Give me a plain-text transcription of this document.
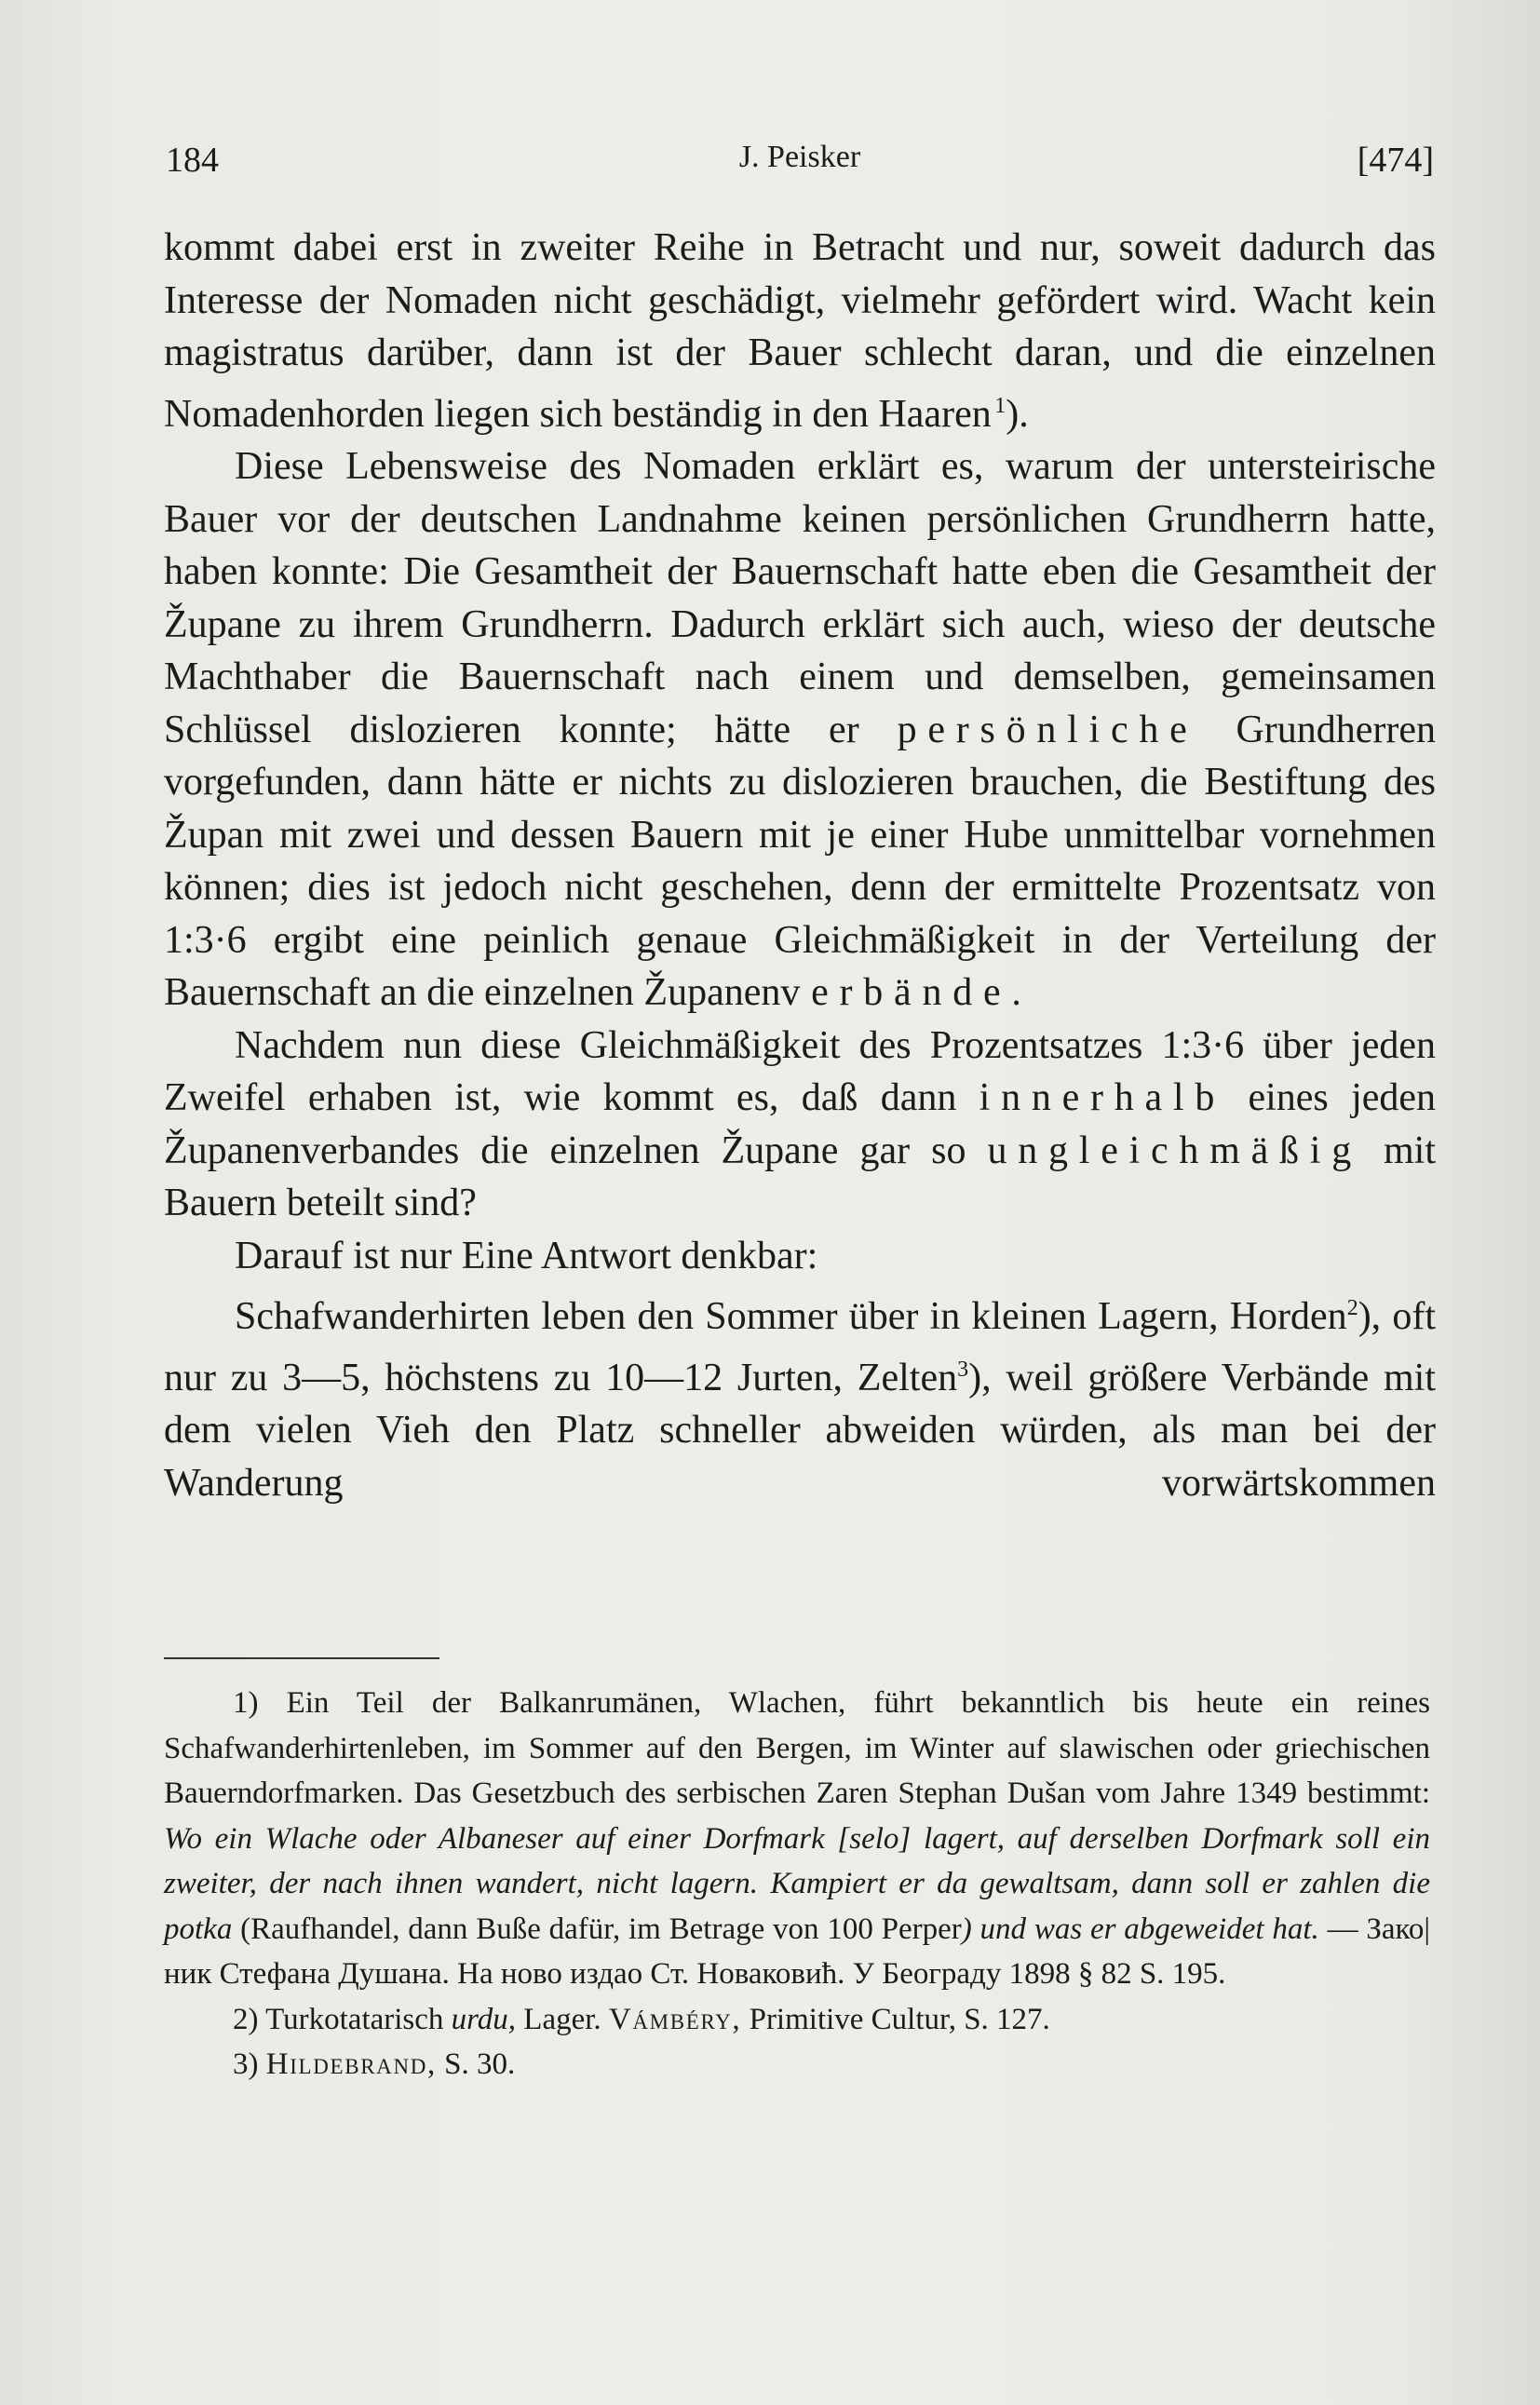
184	J. Peisker	[474]

kommt dabei erst in zweiter Reihe in Betracht und nur, soweit dadurch das Interesse der Nomaden nicht geschädigt, vielmehr gefördert wird. Wacht kein magistratus darüber, dann ist der Bauer schlecht daran, und die einzelnen Nomadenhorden liegen sich beständig in den Haaren  $^1$).

Diese Lebensweise des Nomaden erklärt es, warum der untersteirische Bauer vor der deutschen Landnahme keinen persönlichen Grundherrn hatte, haben konnte: Die Gesamtheit der Bauernschaft hatte eben die Gesamtheit der Župane zu ihrem Grundherrn. Dadurch erklärt sich auch, wieso der deutsche Machthaber die Bauernschaft nach einem und demselben, gemeinsamen Schlüssel dislozieren konnte; hätte er persönliche Grundherren vorgefunden, dann hätte er nichts zu dislozieren brauchen, die Bestiftung des Župan mit zwei und dessen Bauern mit je einer Hube unmittelbar vornehmen können; dies ist jedoch nicht geschehen, denn der ermittelte Prozentsatz von 1:3·6 ergibt eine peinlich genaue Gleichmäßigkeit in der Verteilung der Bauernschaft an die einzelnen Županenverbände.

Nachdem nun diese Gleichmäßigkeit des Prozentsatzes 1:3·6 über jeden Zweifel erhaben ist, wie kommt es, daß dann innerhalb eines jeden Županenverbandes die einzelnen Župane gar so ungleichmäßig mit Bauern beteilt sind?

Darauf ist nur Eine Antwort denkbar:

Schafwanderhirten leben den Sommer über in kleinen Lagern, Horden$^2$), oft nur zu 3—5, höchstens zu 10—12 Jurten, Zelten$^3$), weil größere Verbände mit dem vielen Vieh den Platz schneller abweiden würden, als man bei der Wanderung vorwärtskommen

1) Ein Teil der Balkanrumänen, Wlachen, führt bekanntlich bis heute ein reines Schafwanderhirtenleben, im Sommer auf den Bergen, im Winter auf slawischen oder griechischen Bauerndorfmarken. Das Gesetzbuch des serbischen Zaren Stephan Dušan vom Jahre 1349 bestimmt: Wo ein Wlache oder Albaneser auf einer Dorfmark [selo] lagert, auf derselben Dorfmark soll ein zweiter, der nach ihnen wandert, nicht lagern. Kampiert er da gewaltsam, dann soll er zahlen die potka (Raufhandel, dann Buße dafür, im Betrage von 100 Perper) und was er abgeweidet hat. — Зако|ник Стефана Душана. На ново издао Ст. Новаковић. У Београду 1898 § 82 S. 195.

2) Turkotatarisch urdu, Lager. Vámbéry, Primitive Cultur, S. 127.

3) Hildebrand, S. 30.
